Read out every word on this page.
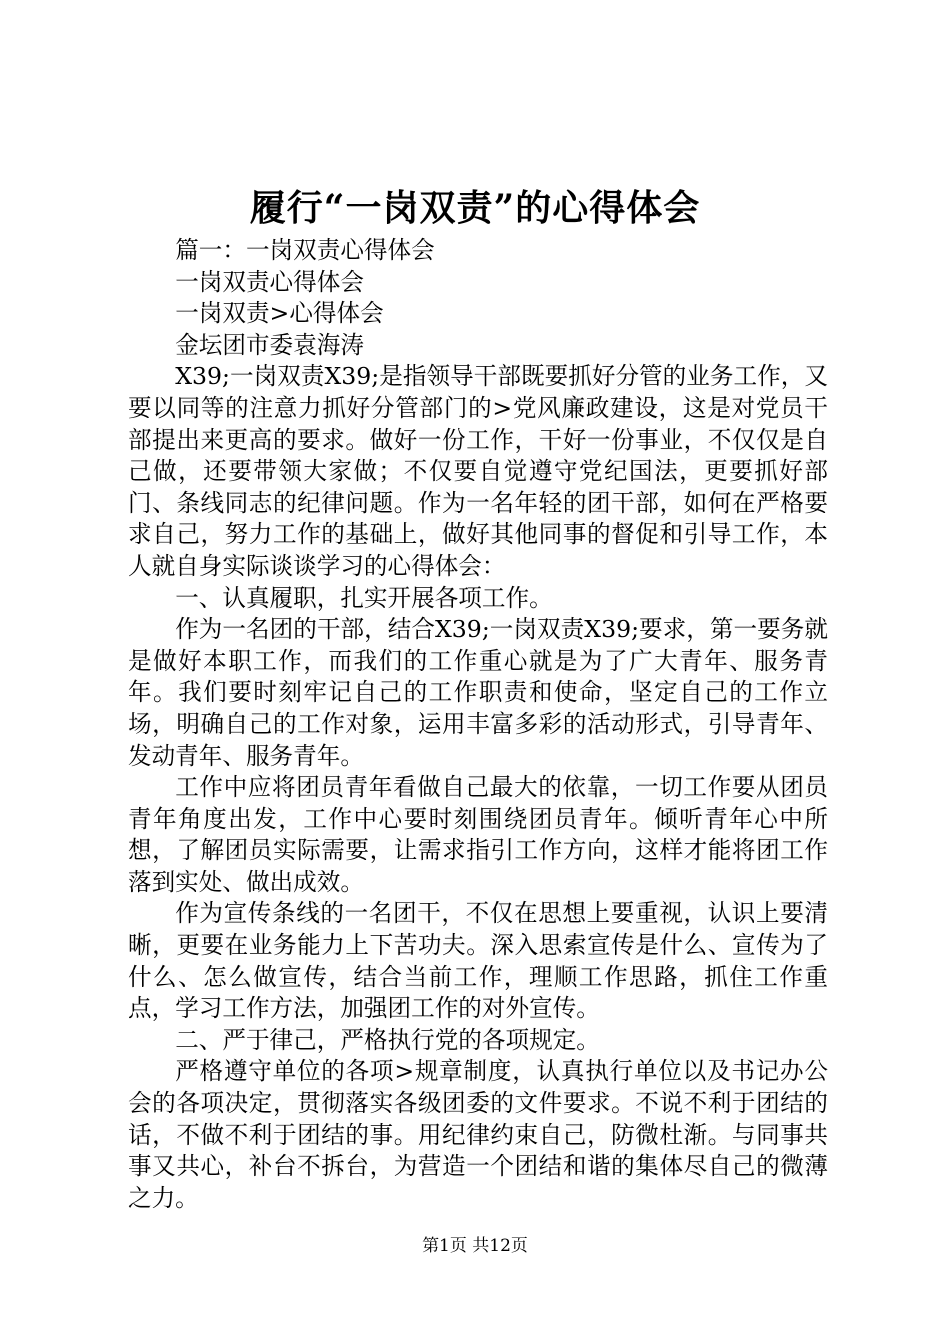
履行“一岗双责”的心得体会

篇一：一岗双责心得体会

一岗双责心得体会

一岗双责>心得体会

金坛团市委袁海涛

X39;一岗双责X39;是指领导干部既要抓好分管的业务工作，又要以同等的注意力抓好分管部门的>党风廉政建设，这是对党员干部提出来更高的要求。做好一份工作，干好一份事业，不仅仅是自己做，还要带领大家做；不仅要自觉遵守党纪国法，更要抓好部门、条线同志的纪律问题。作为一名年轻的团干部，如何在严格要求自己，努力工作的基础上，做好其他同事的督促和引导工作，本人就自身实际谈谈学习的心得体会：

一、认真履职，扎实开展各项工作。

作为一名团的干部，结合X39;一岗双责X39;要求，第一要务就是做好本职工作，而我们的工作重心就是为了广大青年、服务青年。我们要时刻牢记自己的工作职责和使命，坚定自己的工作立场，明确自己的工作对象，运用丰富多彩的活动形式，引导青年、发动青年、服务青年。

工作中应将团员青年看做自己最大的依靠，一切工作要从团员青年角度出发，工作中心要时刻围绕团员青年。倾听青年心中所想，了解团员实际需要，让需求指引工作方向，这样才能将团工作落到实处、做出成效。

作为宣传条线的一名团干，不仅在思想上要重视，认识上要清晰，更要在业务能力上下苦功夫。深入思索宣传是什么、宣传为了什么、怎么做宣传，结合当前工作，理顺工作思路，抓住工作重点，学习工作方法，加强团工作的对外宣传。

二、严于律己，严格执行党的各项规定。

严格遵守单位的各项>规章制度，认真执行单位以及书记办公会的各项决定，贯彻落实各级团委的文件要求。不说不利于团结的话，不做不利于团结的事。用纪律约束自己，防微杜渐。与同事共事又共心，补台不拆台，为营造一个团结和谐的集体尽自己的微薄之力。

第1页 共12页
